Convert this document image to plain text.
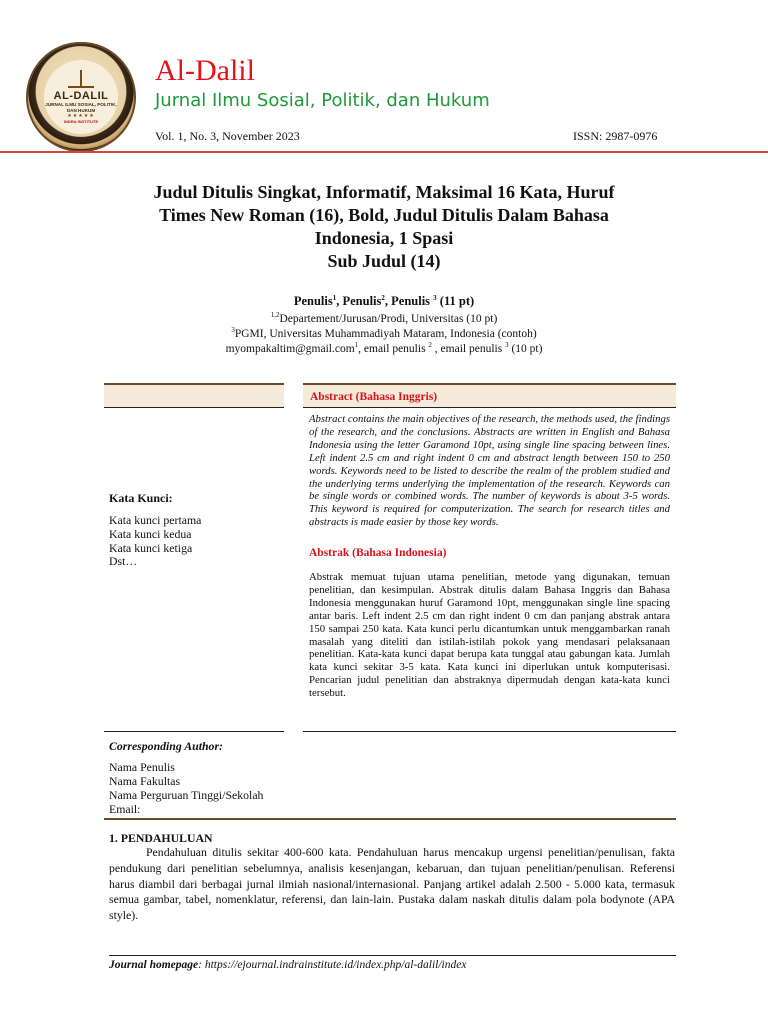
AL-DALIL
JURNAL ILMU SOSIAL, POLITIK, DAN HUKUM
★★★★★
INDRA INSTITUTE
Al-Dalil
Jurnal Ilmu Sosial, Politik, dan Hukum
Vol. 1, No. 3, November 2023	ISSN: 2987-0976
Judul Ditulis Singkat, Informatif, Maksimal 16 Kata, Huruf
Times New Roman (16), Bold, Judul Ditulis Dalam Bahasa
Indonesia, 1 Spasi
Sub Judul (14)
Penulis$^1$, Penulis$^2$, Penulis $^3$ (11 pt)
$^{1,2}$Departement/Jurusan/Prodi, Universitas (10 pt)
$^3$PGMI, Universitas Muhammadiyah Mataram, Indonesia (contoh)
myompakaltim@gmail.com$^1$, email penulis $^2$ , email penulis $^3$ (10 pt)
Abstract (Bahasa Inggris)
Abstract contains the main objectives of the research, the methods used, the findings of the research, and the conclusions. Abstracts are written in English and Bahasa Indonesia using the letter Garamond 10pt, using single line spacing between lines. Left indent 2.5 cm and right indent 0 cm and abstract length between 150 to 250 words. Keywords need to be listed to describe the realm of the problem studied and the underlying terms underlying the implementation of the research. Keywords can be single words or combined words. The number of keywords is about 3-5 words. This keyword is required for computerization. The search for research titles and abstracts is made easier by those key words.
Abstrak (Bahasa Indonesia)
Abstrak memuat tujuan utama penelitian, metode yang digunakan, temuan penelitian, dan kesimpulan. Abstrak ditulis dalam Bahasa Inggris dan Bahasa Indonesia menggunakan huruf Garamond 10pt, menggunakan single line spacing antar baris. Left indent 2.5 cm dan right indent 0 cm dan panjang abstrak antara 150 sampai 250 kata. Kata kunci perlu dicantumkan untuk menggambarkan ranah masalah yang diteliti dan istilah-istilah pokok yang mendasari pelaksanaan penelitian. Kata-kata kunci dapat berupa kata tunggal atau gabungan kata. Jumlah kata kunci sekitar 3-5 kata. Kata kunci ini diperlukan untuk komputerisasi. Pencarian judul penelitian dan abstraknya dipermudah dengan kata-kata kunci tersebut.
Kata Kunci:
Kata kunci pertama
Kata kunci kedua
Kata kunci ketiga
Dst…
Corresponding Author:
Nama Penulis
Nama Fakultas
Nama Perguruan Tinggi/Sekolah
Email:
1. PENDAHULUAN
Pendahuluan ditulis sekitar 400-600 kata. Pendahuluan harus mencakup urgensi penelitian/penulisan, fakta pendukung dari penelitian sebelumnya, analisis kesenjangan, kebaruan, dan tujuan penelitian/penulisan. Referensi harus diambil dari berbagai jurnal ilmiah nasional/internasional. Panjang artikel adalah 2.500 - 5.000 kata, termasuk semua gambar, tabel, nomenklatur, referensi, dan lain-lain. Pustaka dalam naskah ditulis dalam pola bodynote (APA style).
Journal homepage: https://ejournal.indrainstitute.id/index.php/al-dalil/index
